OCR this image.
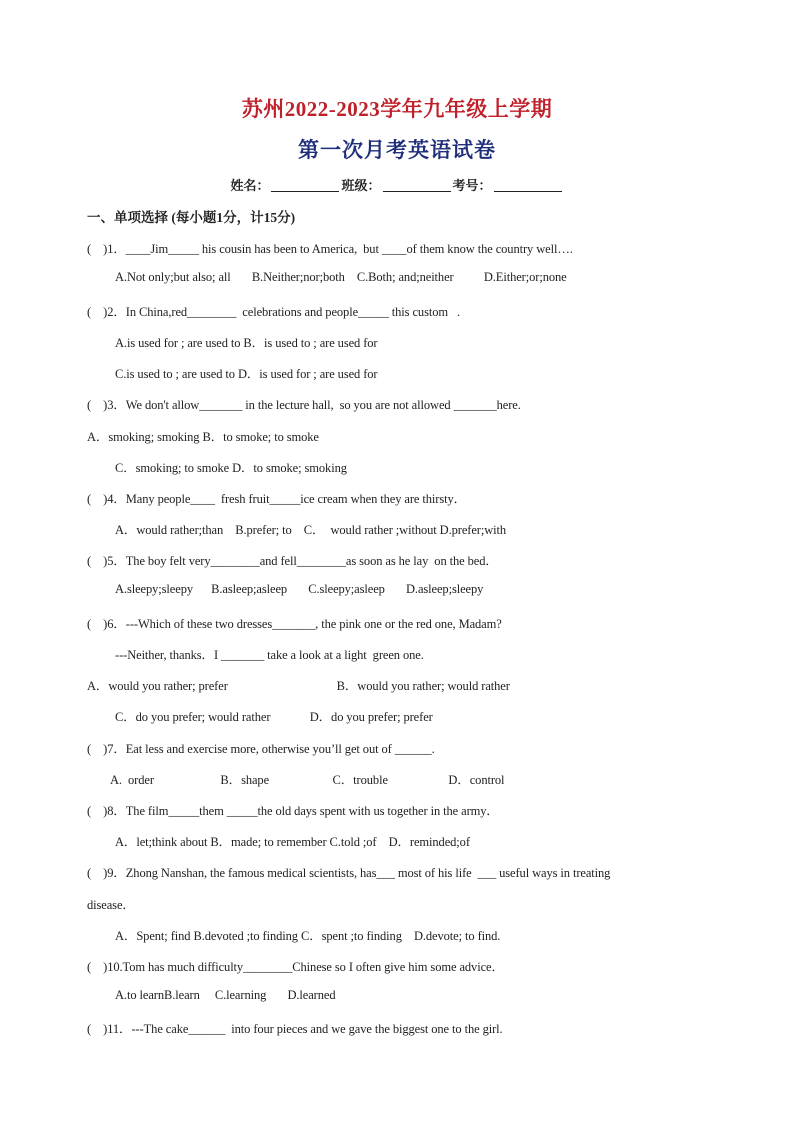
苏州2022-2023学年九年级上学期
第一次月考英语试卷
姓名：	班级：	考号：
一、单项选择 (每小题1分，计15分)
(    )1．____Jim_____ his cousin has been to America,  but ____of them know the country well….
A.Not only;but also; all       B.Neither;nor;both    C.Both; and;neither          D.Either;or;none
(    )2．In China,red________  celebrations and people_____ this custom   .
A.is used for ; are used to B．is used to ; are used for
C.is used to ; are used to D．is used for ; are used for
(    )3．We don't allow_______ in the lecture hall,  so you are not allowed _______here.
A．smoking; smoking B．to smoke; to smoke
C．smoking; to smoke D．to smoke; smoking
(    )4．Many people____  fresh fruit_____ice cream when they are thirsty．
A．would rather;than    B.prefer; to    C．  would rather ;without D.prefer;with
(    )5．The boy felt very________and fell________as soon as he lay  on the bed．
A.sleepy;sleepy      B.asleep;asleep       C.sleepy;asleep       D.asleep;sleepy
(    )6．---Which of these two dresses_______, the pink one or the red one, Madam?
---Neither, thanks．I _______ take a look at a light  green one.
A．would you rather; prefer                                    B．would you rather; would rather
C．do you prefer; would rather             D．do you prefer; prefer
(    )7．Eat less and exercise more, otherwise you’ll get out of ______.
A.  order                      B．shape                     C．trouble                    D．control
(    )8．The film_____them _____the old days spent with us together in the army．
A．let;think about B．made; to remember C.told ;of    D．reminded;of
(    )9．Zhong Nanshan, the famous medical scientists, has___ most of his life  ___ useful ways in treating
disease．
A．Spent; find B.devoted ;to finding C．spent ;to finding    D.devote; to find.
(    )10.Tom has much difficulty________Chinese so I often give him some advice．
A.to learnB.learn     C.learning       D.learned
(    )11．---The cake______  into four pieces and we gave the biggest one to the girl.
